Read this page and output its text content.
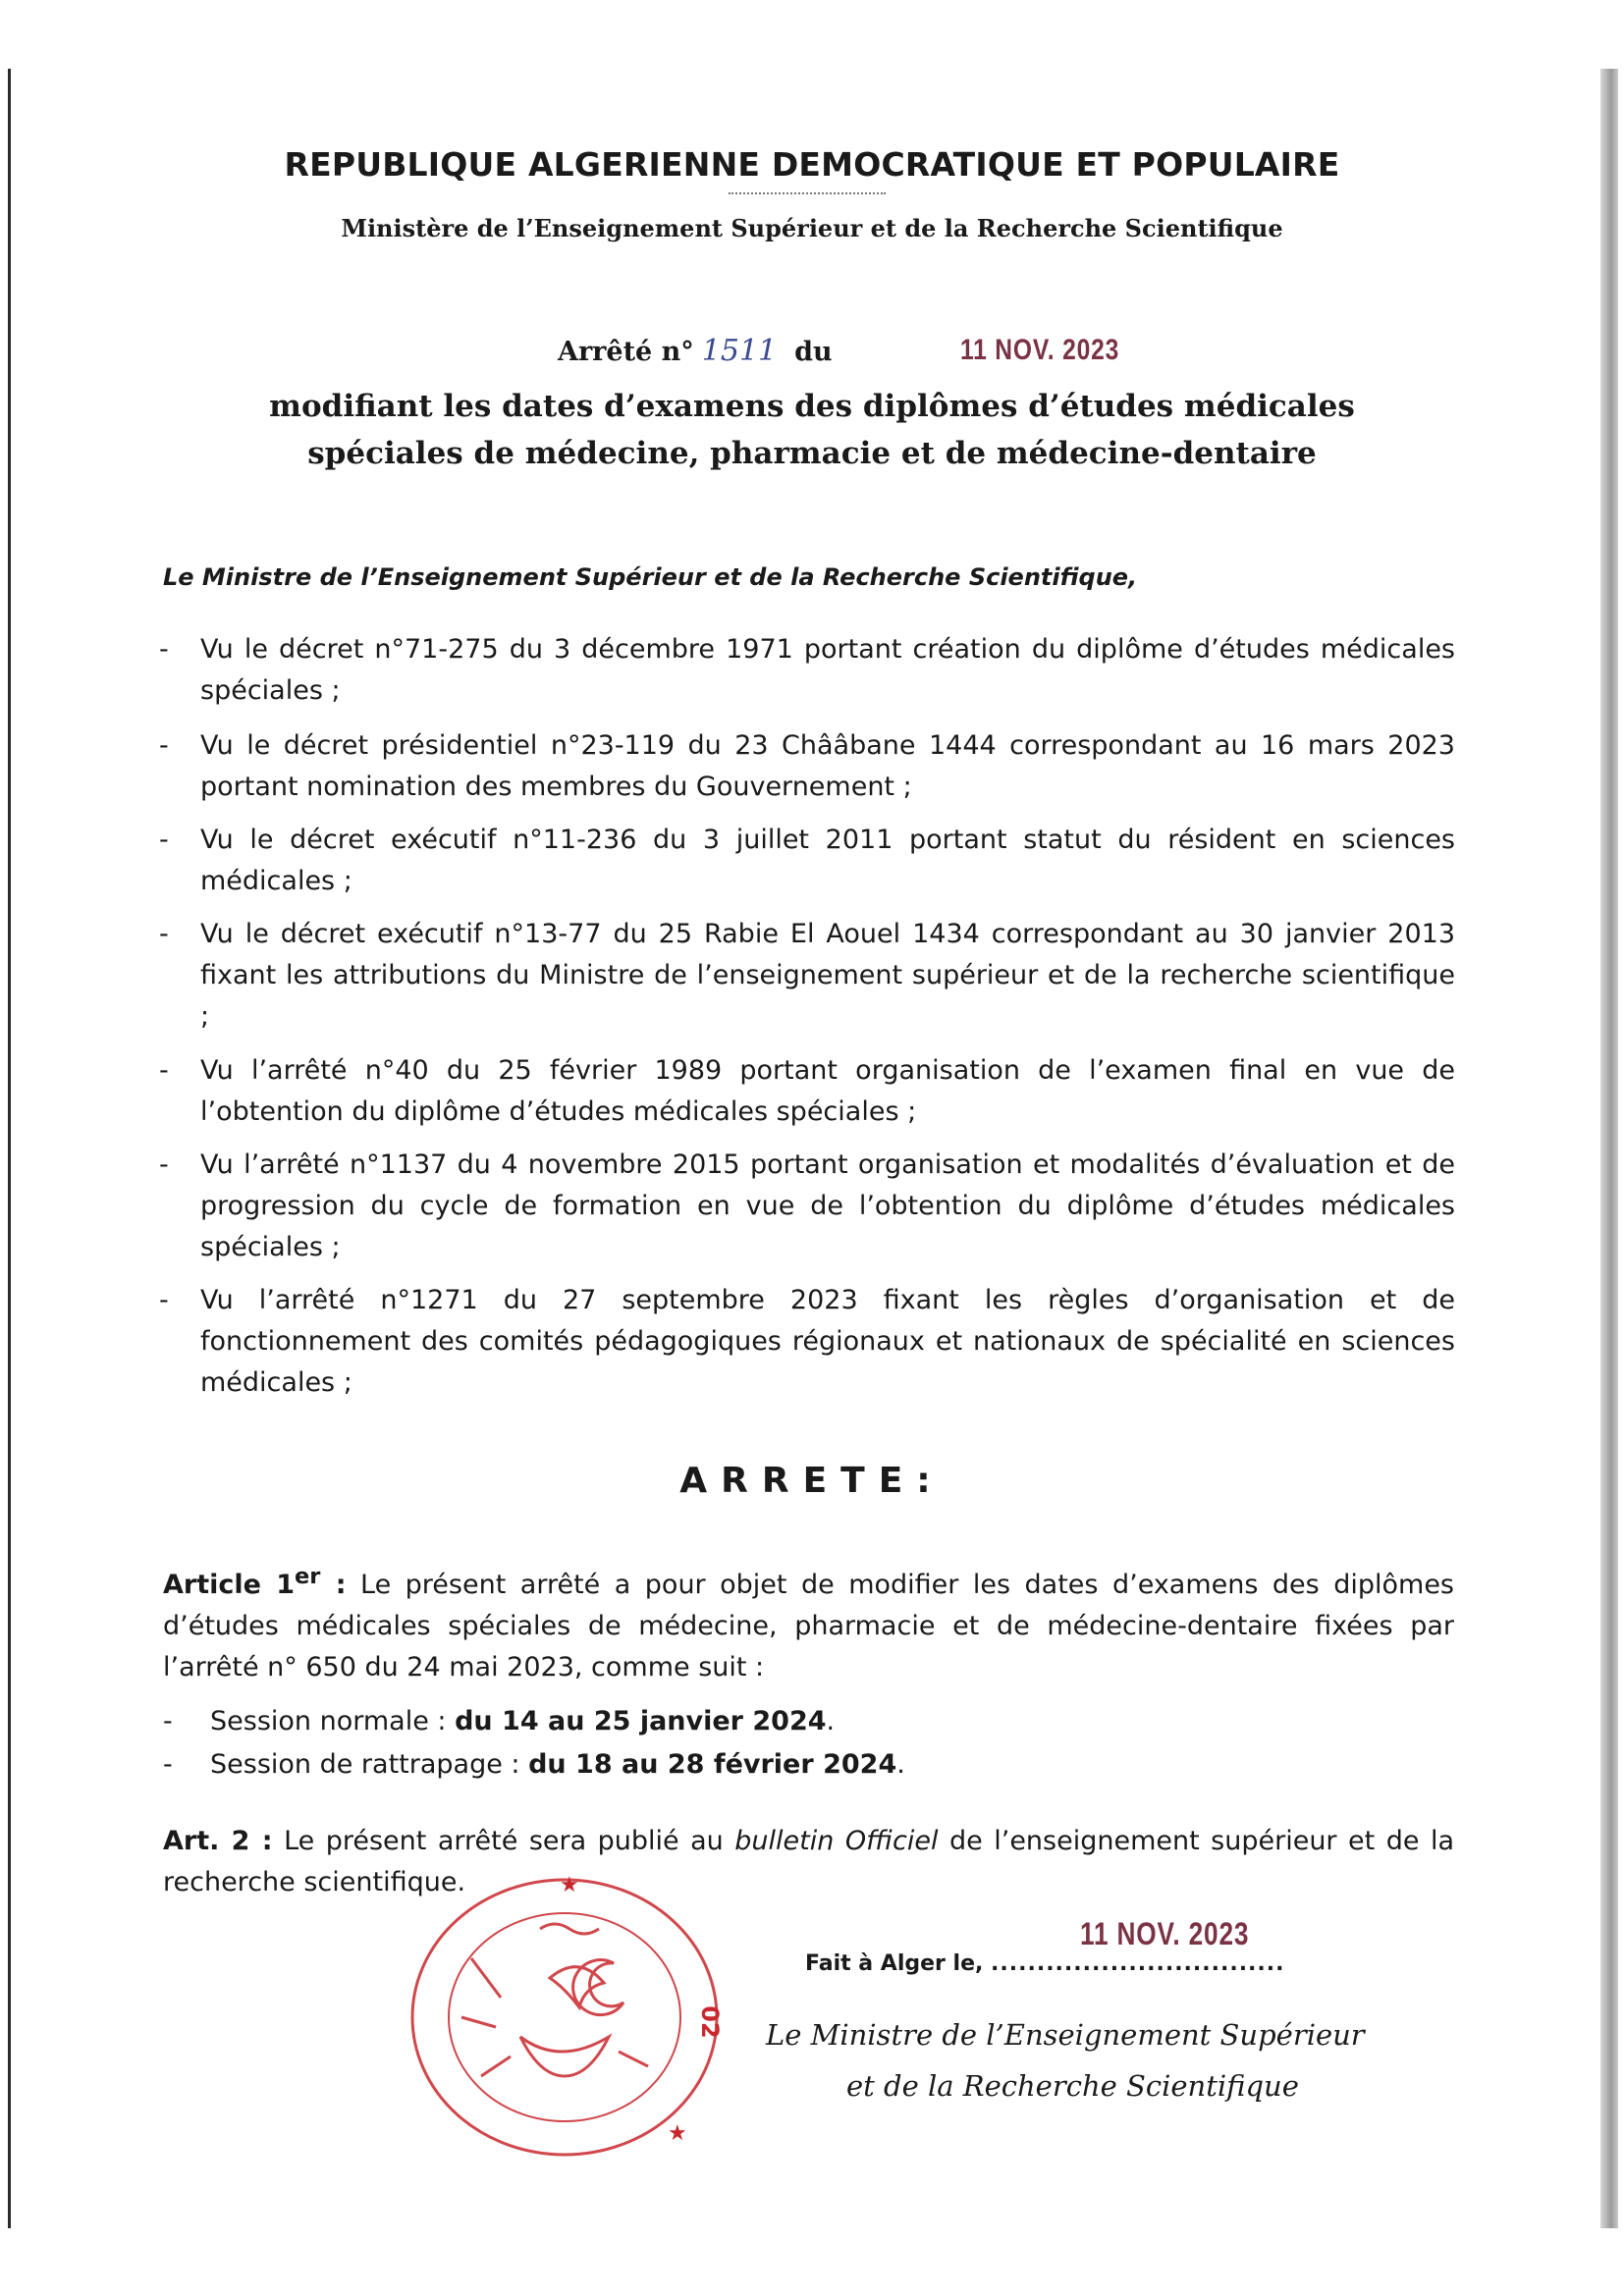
REPUBLIQUE ALGERIENNE DEMOCRATIQUE ET POPULAIRE
Ministère de l’Enseignement Supérieur et de la Recherche Scientifique
Arrêté n° 1511 du	11 NOV. 2023
modifiant les dates d’examens des diplômes d’études médicales
spéciales de médecine, pharmacie et de médecine-dentaire
Le Ministre de l’Enseignement Supérieur et de la Recherche Scientifique,
- Vu le décret n°71-275 du 3 décembre 1971 portant création du diplôme d’études médicales spéciales ;
- Vu le décret présidentiel n°23-119 du 23 Chââbane 1444 correspondant au 16 mars 2023 portant nomination des membres du Gouvernement ;
- Vu le décret exécutif n°11-236 du 3 juillet 2011 portant statut du résident en sciences médicales ;
- Vu le décret exécutif n°13-77 du 25 Rabie El Aouel 1434 correspondant au 30 janvier 2013 fixant les attributions du Ministre de l’enseignement supérieur et de la recherche scientifique ;
- Vu l’arrêté n°40 du 25 février 1989 portant organisation de l’examen final en vue de l’obtention du diplôme d’études médicales spéciales ;
- Vu l’arrêté n°1137 du 4 novembre 2015 portant organisation et modalités d’évaluation et de progression du cycle de formation en vue de l’obtention du diplôme d’études médicales spéciales ;
- Vu l’arrêté n°1271 du 27 septembre 2023 fixant les règles d’organisation et de fonctionnement des comités pédagogiques régionaux et nationaux de spécialité en sciences médicales ;
ARRETE:
Article 1er : Le présent arrêté a pour objet de modifier les dates d’examens des diplômes d’études médicales spéciales de médecine, pharmacie et de médecine-dentaire fixées par l’arrêté n° 650 du 24 mai 2023, comme suit :
- Session normale : du 14 au 25 janvier 2024.
- Session de rattrapage : du 18 au 28 février 2024.
Art. 2 : Le présent arrêté sera publié au bulletin Officiel de l’enseignement supérieur et de la recherche scientifique.
02
★
★
Fait à Alger le, ................................
11 NOV. 2023
Le Ministre de l’Enseignement Supérieur
et de la Recherche Scientifique
